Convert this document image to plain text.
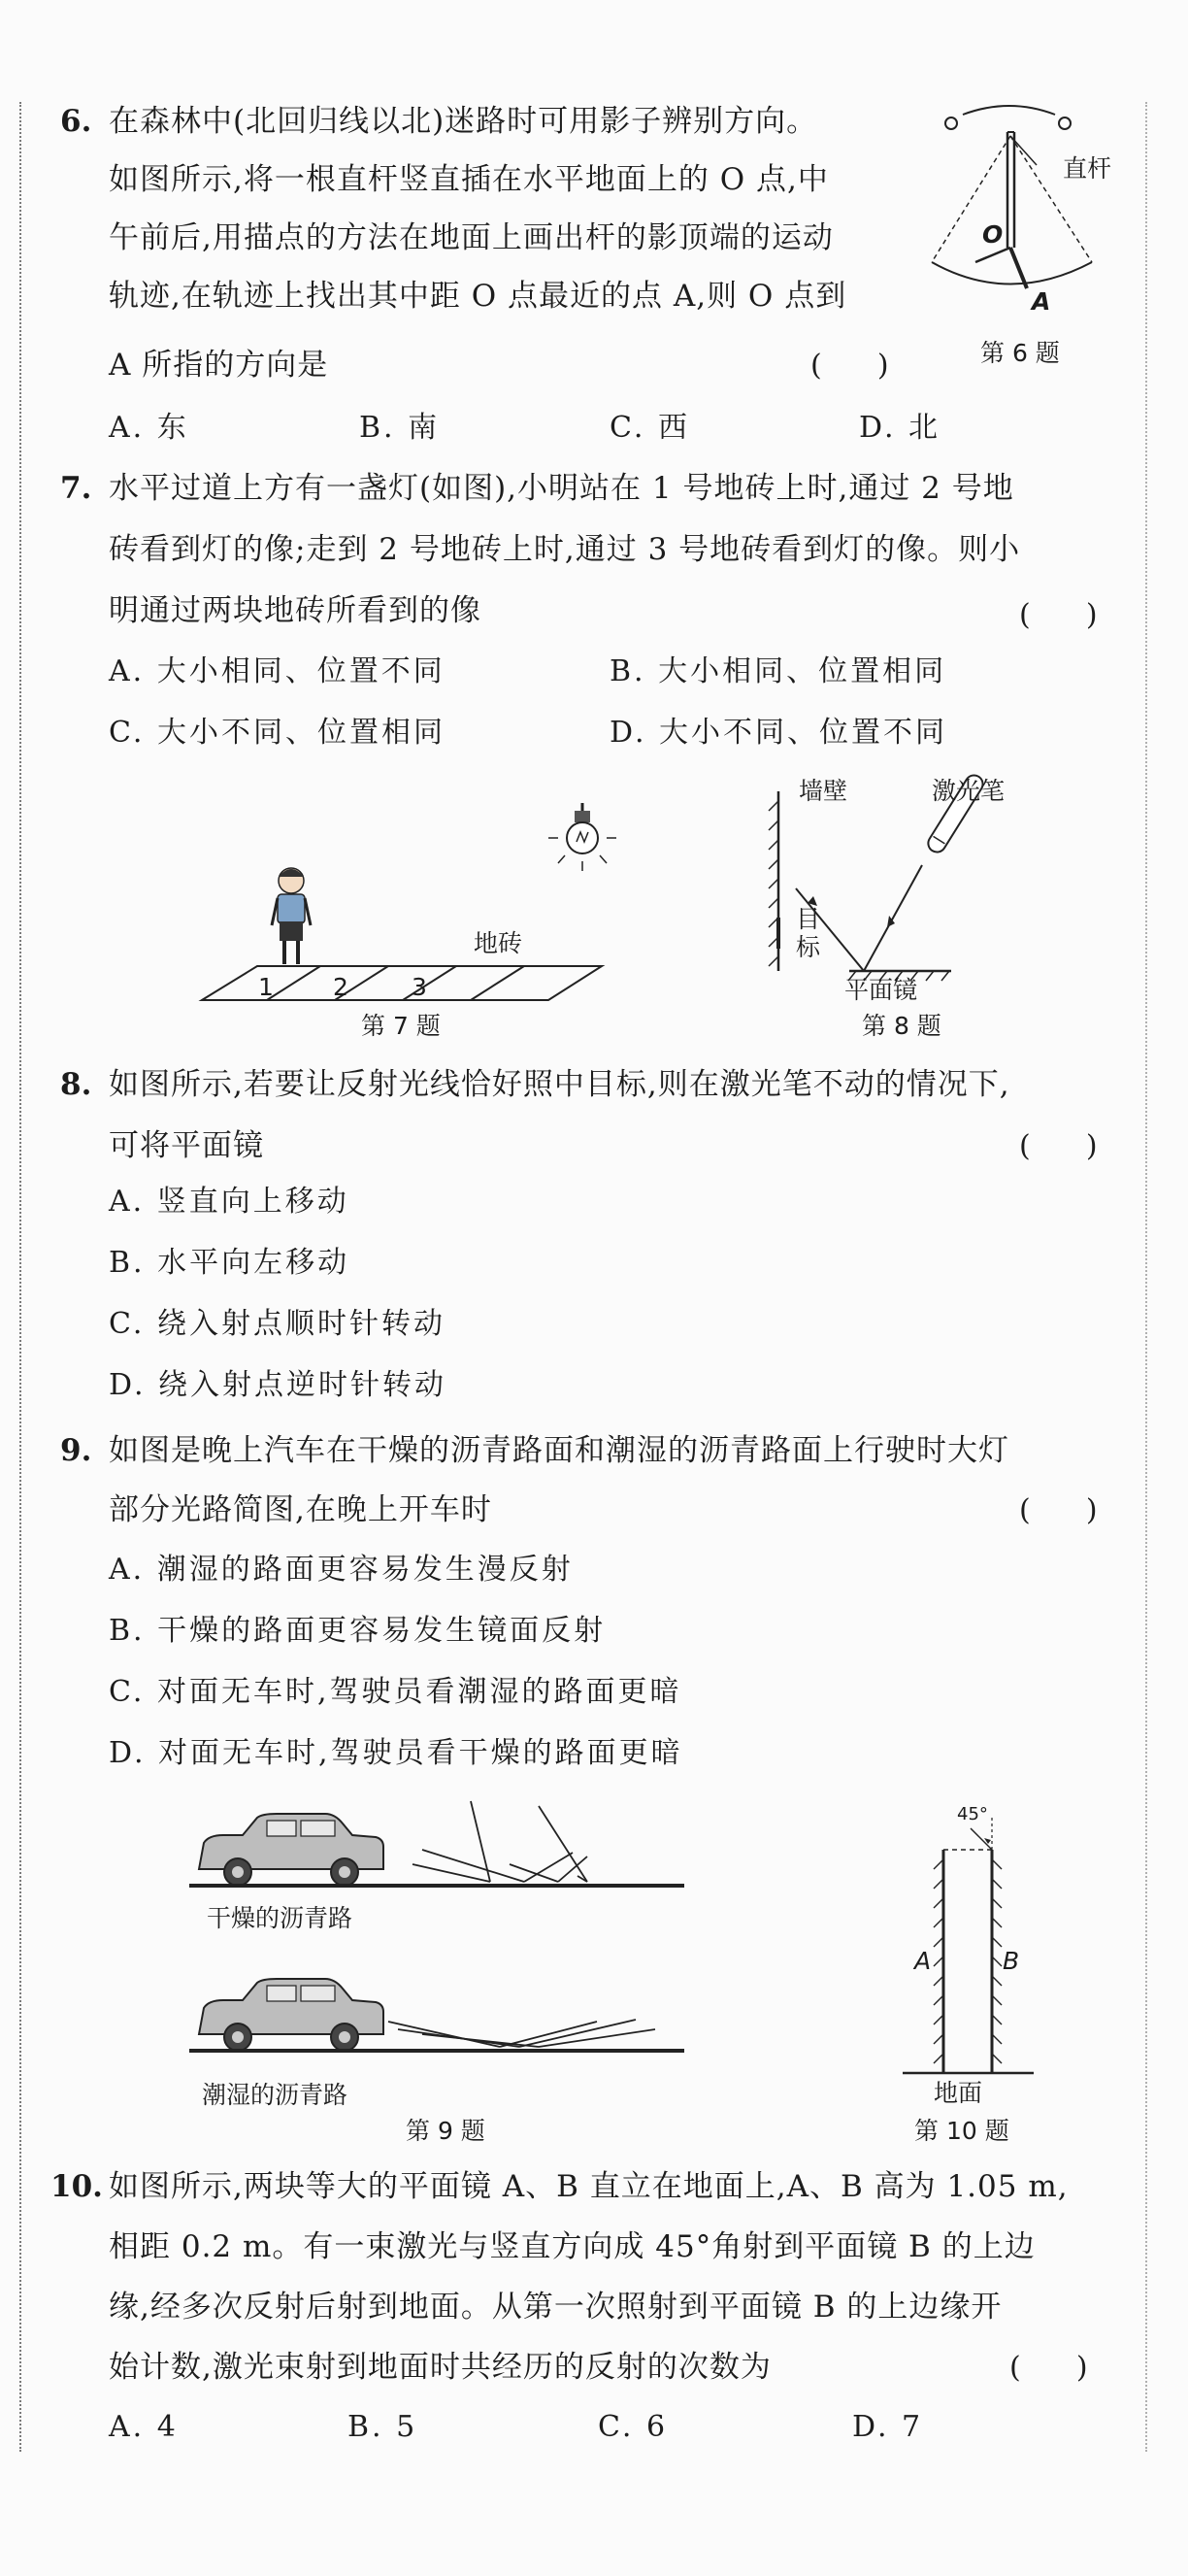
6. 在森林中(北回归线以北)迷路时可用影子辨别方向。
如图所示,将一根直杆竖直插在水平地面上的 O 点,中
午前后,用描点的方法在地面上画出杆的影顶端的运动
轨迹,在轨迹上找出其中距 O 点最近的点 A,则 O 点到
A 所指的方向是	(      )
A. 东	B. 南	C. 西	D. 北
直杆
O
A
第 6 题
7. 水平过道上方有一盏灯(如图),小明站在 1 号地砖上时,通过 2 号地
砖看到灯的像;走到 2 号地砖上时,通过 3 号地砖看到灯的像。则小
明通过两块地砖所看到的像	(      )
A. 大小相同、位置不同	B. 大小相同、位置相同
C. 大小不同、位置相同	D. 大小不同、位置不同
地砖
1 2	3
第 7 题
墙壁	激光笔
目
标
平面镜
第 8 题
8. 如图所示,若要让反射光线恰好照中目标,则在激光笔不动的情况下,
可将平面镜	(      )
A. 竖直向上移动
B. 水平向左移动
C. 绕入射点顺时针转动
D. 绕入射点逆时针转动
9. 如图是晚上汽车在干燥的沥青路面和潮湿的沥青路面上行驶时大灯
部分光路简图,在晚上开车时	(      )
A. 潮湿的路面更容易发生漫反射
B. 干燥的路面更容易发生镜面反射
C. 对面无车时,驾驶员看潮湿的路面更暗
D. 对面无车时,驾驶员看干燥的路面更暗
干燥的沥青路
潮湿的沥青路
第 9 题
45°
A	B
地面
第 10 题
10. 如图所示,两块等大的平面镜 A、B 直立在地面上,A、B 高为 1.05 m,
相距 0.2 m。有一束激光与竖直方向成 45°角射到平面镜 B 的上边
缘,经多次反射后射到地面。从第一次照射到平面镜 B 的上边缘开
始计数,激光束射到地面时共经历的反射的次数为	(      )
A. 4	B. 5	C. 6	D. 7
